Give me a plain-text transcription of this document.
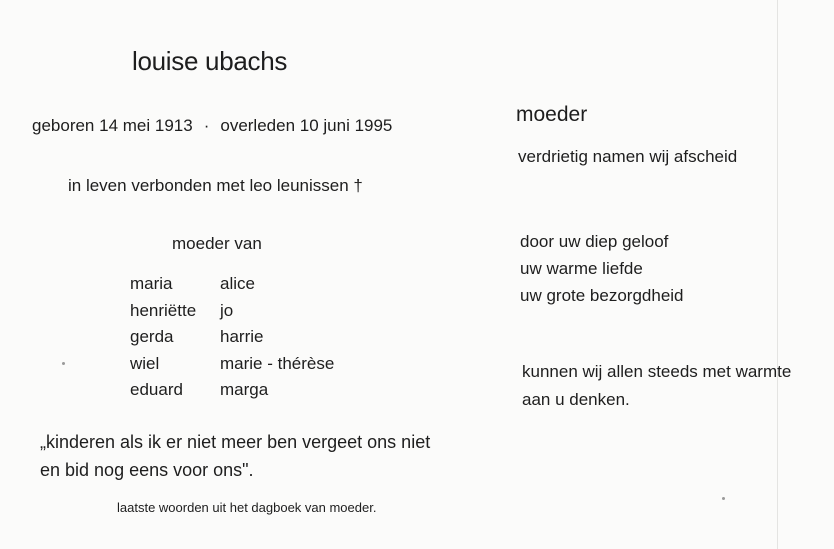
louise ubachs
geboren 14 mei 1913 · overleden 10 juni 1995
in leven verbonden met leo leunissen †
moeder van
maria	alice
henriëtte	jo
gerda	harrie
wiel	marie - thérèse
eduard	marga
„kinderen als ik er niet meer ben vergeet ons niet
en bid nog eens voor ons".
laatste woorden uit het dagboek van moeder.
moeder
verdrietig namen wij afscheid
door uw diep geloof
uw warme liefde
uw grote bezorgdheid
kunnen wij allen steeds met warmte
aan u denken.
